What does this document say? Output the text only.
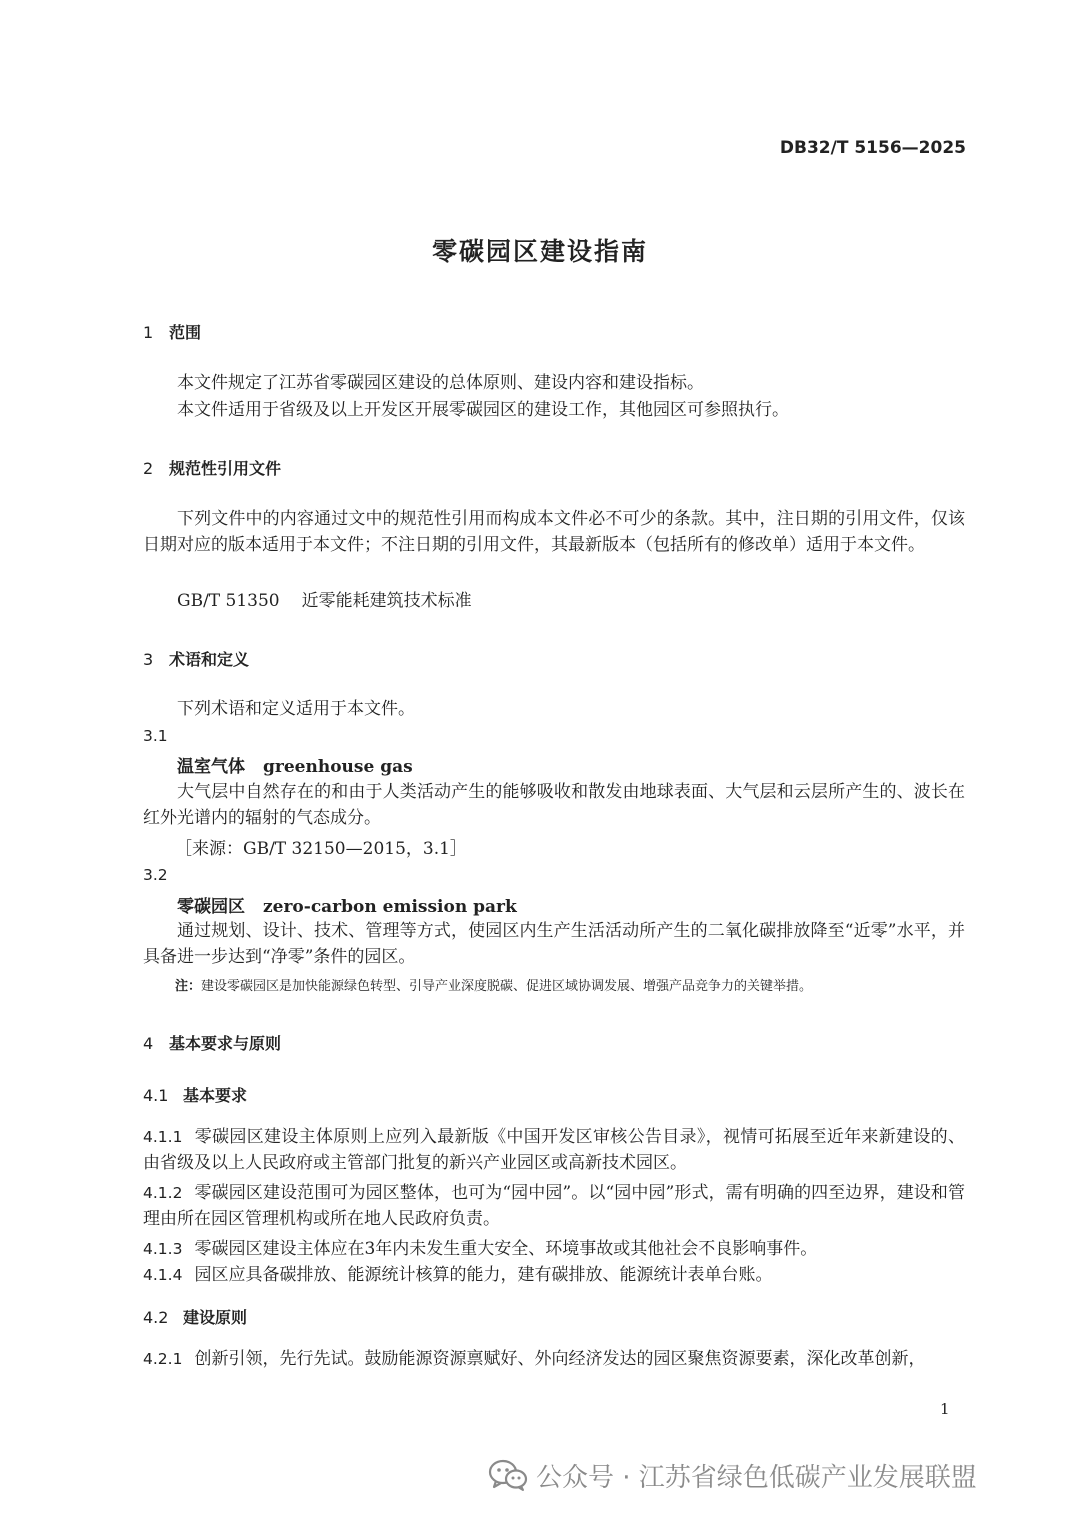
DB32/T 5156—2025
零碳园区建设指南
1 范围
本文件规定了江苏省零碳园区建设的总体原则、建设内容和建设指标。
本文件适用于省级及以上开发区开展零碳园区的建设工作，其他园区可参照执行。
2 规范性引用文件
下列文件中的内容通过文中的规范性引用而构成本文件必不可少的条款。其中，注日期的引用文件，仅该日期对应的版本适用于本文件；不注日期的引用文件，其最新版本（包括所有的修改单）适用于本文件。
GB/T 51350 近零能耗建筑技术标准
3 术语和定义
下列术语和定义适用于本文件。
3.1
温室气体 greenhouse gas
大气层中自然存在的和由于人类活动产生的能够吸收和散发由地球表面、大气层和云层所产生的、波长在红外光谱内的辐射的气态成分。
［来源：GB/T 32150—2015，3.1］
3.2
零碳园区 zero-carbon emission park
通过规划、设计、技术、管理等方式，使园区内生产生活活动所产生的二氧化碳排放降至“近零”水平，并具备进一步达到“净零”条件的园区。
注：建设零碳园区是加快能源绿色转型、引导产业深度脱碳、促进区域协调发展、增强产品竞争力的关键举措。
4 基本要求与原则
4.1 基本要求
4.1.1 零碳园区建设主体原则上应列入最新版《中国开发区审核公告目录》，视情可拓展至近年来新建设的、由省级及以上人民政府或主管部门批复的新兴产业园区或高新技术园区。
4.1.2 零碳园区建设范围可为园区整体，也可为“园中园”。以“园中园”形式，需有明确的四至边界，建设和管理由所在园区管理机构或所在地人民政府负责。
4.1.3 零碳园区建设主体应在3年内未发生重大安全、环境事故或其他社会不良影响事件。
4.1.4 园区应具备碳排放、能源统计核算的能力，建有碳排放、能源统计表单台账。
4.2 建设原则
4.2.1 创新引领，先行先试。鼓励能源资源禀赋好、外向经济发达的园区聚焦资源要素，深化改革创新，
1
公众号 · 江苏省绿色低碳产业发展联盟
